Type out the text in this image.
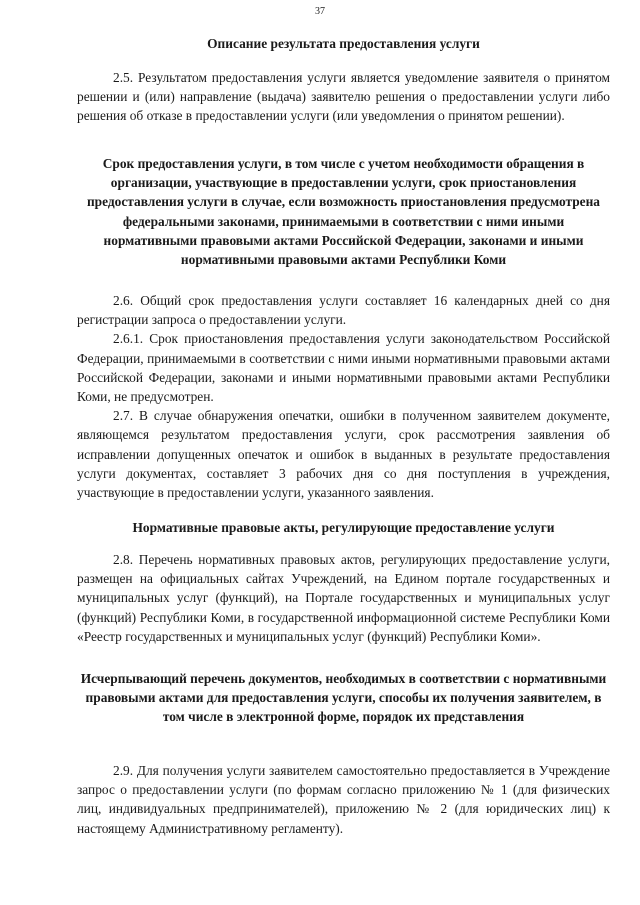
37
Описание результата предоставления услуги
2.5. Результатом предоставления услуги является уведомление заявителя о принятом решении и (или) направление (выдача) заявителю решения о предоставлении услуги либо решения об отказе в предоставлении услуги (или уведомления о принятом решении).
Срок предоставления услуги, в том числе с учетом необходимости обращения в организации, участвующие в предоставлении услуги, срок приостановления предоставления услуги в случае, если возможность приостановления предусмотрена федеральными законами, принимаемыми в соответствии с ними иными нормативными правовыми актами Российской Федерации, законами и иными нормативными правовыми актами Республики Коми
2.6. Общий срок предоставления услуги составляет 16 календарных дней со дня регистрации запроса о предоставлении услуги.
2.6.1. Срок приостановления предоставления услуги законодательством Российской Федерации, принимаемыми в соответствии с ними иными нормативными правовыми актами Российской Федерации, законами и иными нормативными правовыми актами Республики Коми, не предусмотрен.
2.7. В случае обнаружения опечатки, ошибки в полученном заявителем документе, являющемся результатом предоставления услуги, срок рассмотрения заявления об исправлении допущенных опечаток и ошибок в выданных в результате предоставления услуги документах, составляет 3 рабочих дня со дня поступления в учреждения, участвующие в предоставлении услуги, указанного заявления.
Нормативные правовые акты, регулирующие предоставление услуги
2.8. Перечень нормативных правовых актов, регулирующих предоставление услуги, размещен на официальных сайтах Учреждений, на Едином портале государственных и муниципальных услуг (функций), на Портале государственных и муниципальных услуг (функций) Республики Коми, в государственной информационной системе Республики Коми «Реестр государственных и муниципальных услуг (функций) Республики Коми».
Исчерпывающий перечень документов, необходимых в соответствии с нормативными правовыми актами для предоставления услуги, способы их получения заявителем, в том числе в электронной форме, порядок их представления
2.9. Для получения услуги заявителем самостоятельно предоставляется в Учреждение запрос о предоставлении услуги (по формам согласно приложению № 1 (для физических лиц, индивидуальных предпринимателей), приложению № 2 (для юридических лиц) к настоящему Административному регламенту).
